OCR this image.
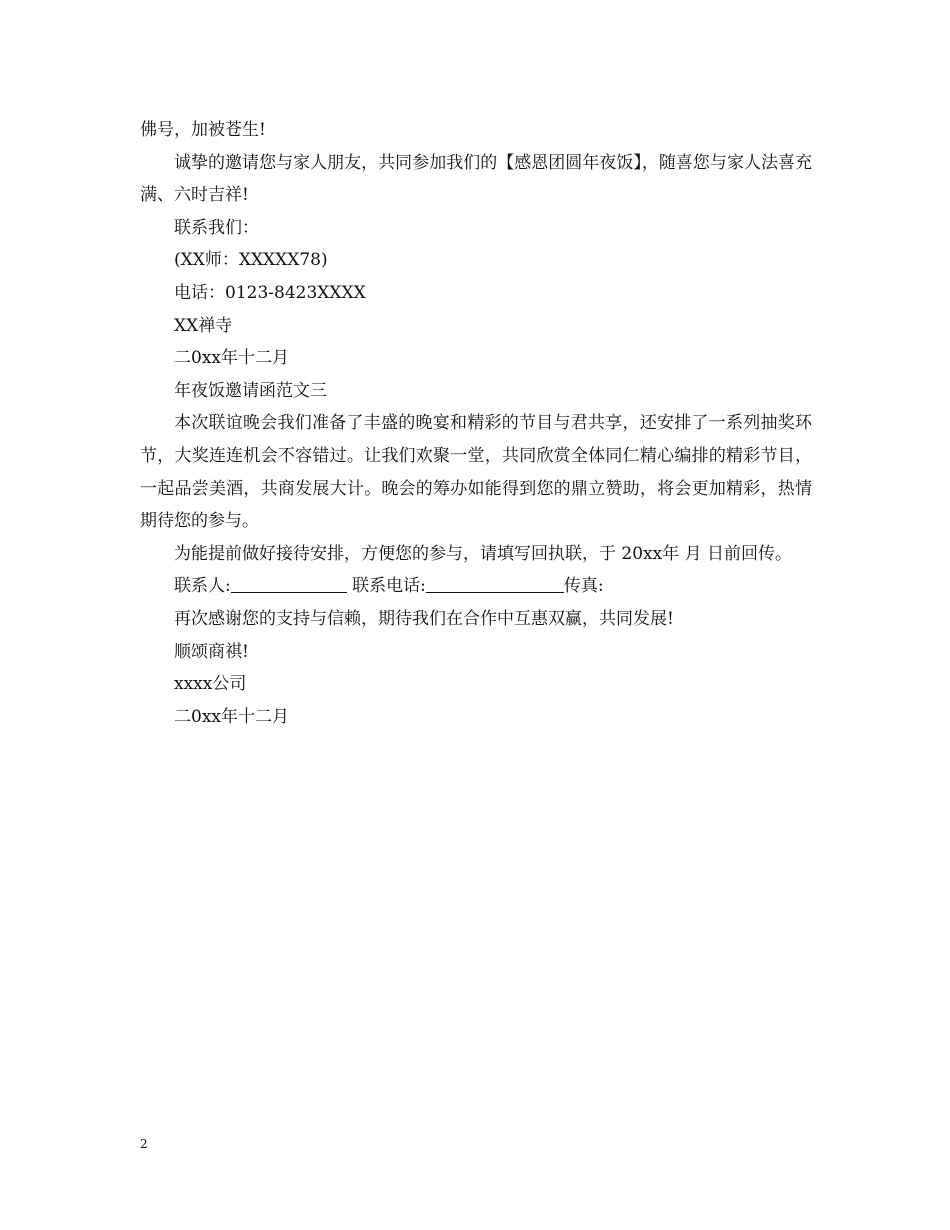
佛号，加被苍生!

诚挚的邀请您与家人朋友，共同参加我们的【感恩团圆年夜饭】，随喜您与家人法喜充满、六时吉祥!

联系我们：

(XX师：XXXXX78)

电话：0123-8423XXXX

XX禅寺

二0xx年十二月

年夜饭邀请函范文三

本次联谊晚会我们准备了丰盛的晚宴和精彩的节目与君共享，还安排了一系列抽奖环节，大奖连连机会不容错过。让我们欢聚一堂，共同欣赏全体同仁精心编排的精彩节目，一起品尝美酒，共商发展大计。晚会的筹办如能得到您的鼎立赞助，将会更加精彩，热情期待您的参与。

为能提前做好接待安排，方便您的参与，请填写回执联，于 20xx年 月 日前回传。

联系人:	联系电话:	传真:

再次感谢您的支持与信赖，期待我们在合作中互惠双赢，共同发展!

顺颂商祺!

xxxx公司

二0xx年十二月

2
